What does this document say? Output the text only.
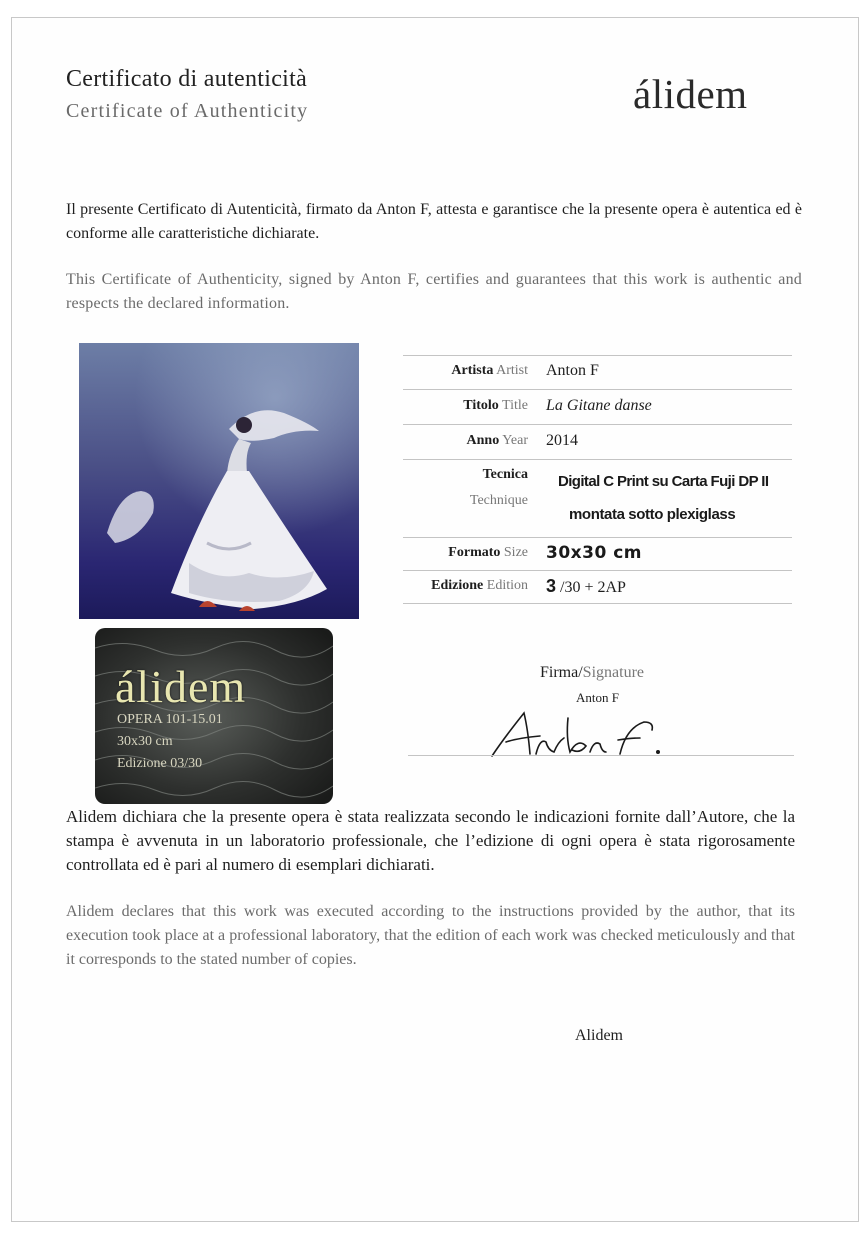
Certificato di autenticità
Certificate of Authenticity	álidem
Il presente Certificato di Autenticità, firmato da Anton F, attesta e garantisce che la presente opera è autentica ed è conforme alle caratteristiche dichiarate.
This Certificate of Authenticity, signed by Anton F, certifies and guarantees that this work is authentic and respects the declared information.
álidem
OPERA 101-15.01
30x30 cm
Edizione 03/30
Artista Artist Anton F
Titolo Title La Gitane danse
Anno Year 2014
Tecnica
Technique
Digital C Print su Carta Fuji DP II
montata sotto plexiglass
Formato Size 30x30 cm
Edizione Edition 3 /30 + 2AP
Firma/Signature
Anton F
Alidem dichiara che la presente opera è stata realizzata secondo le indicazioni fornite dall’Autore, che la stampa è avvenuta in un laboratorio professionale, che l’edizione di ogni opera è stata rigorosamente controllata ed è pari al numero di esemplari dichiarati.
Alidem declares that this work was executed according to the instructions provided by the author, that its execution took place at a professional laboratory, that the edition of each work was checked meticulously and that it corresponds to the stated number of copies.
Alidem
